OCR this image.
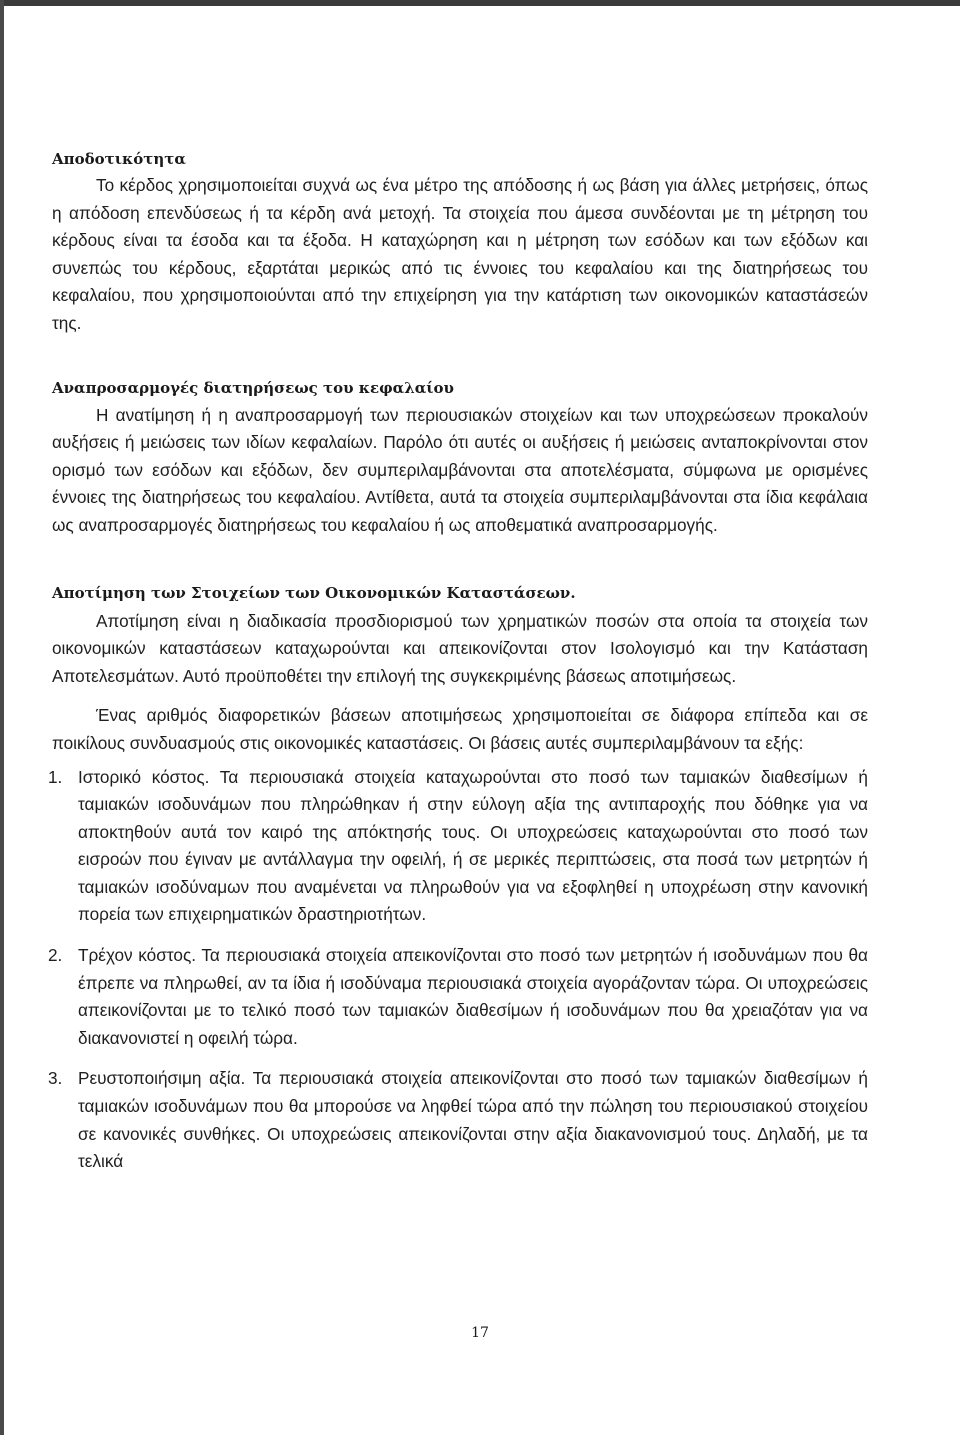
Αποδοτικότητα

Το κέρδος χρησιμοποιείται συχνά ως ένα μέτρο της απόδοσης ή ως βάση για άλλες μετρήσεις, όπως η απόδοση επενδύσεως ή τα κέρδη ανά μετοχή. Τα στοιχεία που άμεσα συνδέονται με τη μέτρηση του κέρδους είναι τα έσοδα και τα έξοδα. Η καταχώρηση και η μέτρηση των εσόδων και των εξόδων και συνεπώς του κέρδους, εξαρτάται μερικώς από τις έννοιες του κεφαλαίου και της διατηρήσεως του κεφαλαίου, που χρησιμοποιούνται από την επιχείρηση για την κατάρτιση των οικονομικών καταστάσεών της.

Αναπροσαρμογές διατηρήσεως του κεφαλαίου

Η ανατίμηση ή η αναπροσαρμογή των περιουσιακών στοιχείων και των υποχρεώσεων προκαλούν αυξήσεις ή μειώσεις των ιδίων κεφαλαίων. Παρόλο ότι αυτές οι αυξήσεις ή μειώσεις ανταποκρίνονται στον ορισμό των εσόδων και εξόδων, δεν συμπεριλαμβάνονται στα αποτελέσματα, σύμφωνα με ορισμένες έννοιες της διατηρήσεως του κεφαλαίου. Αντίθετα, αυτά τα στοιχεία συμπεριλαμβάνονται στα ίδια κεφάλαια ως αναπροσαρμογές διατηρήσεως του κεφαλαίου ή ως αποθεματικά αναπροσαρμογής.

Αποτίμηση των Στοιχείων των Οικονομικών Καταστάσεων.

Αποτίμηση είναι η διαδικασία προσδιορισμού των χρηματικών ποσών στα οποία τα στοιχεία των οικονομικών καταστάσεων καταχωρούνται και απεικονίζονται στον Ισολογισμό και την Κατάσταση Αποτελεσμάτων. Αυτό προϋποθέτει την επιλογή της συγκεκριμένης βάσεως αποτιμήσεως.

Ένας αριθμός διαφορετικών βάσεων αποτιμήσεως χρησιμοποιείται σε διάφορα επίπεδα και σε ποικίλους συνδυασμούς στις οικονομικές καταστάσεις. Οι βάσεις αυτές συμπεριλαμβάνουν τα εξής:

1. Ιστορικό κόστος. Τα περιουσιακά στοιχεία καταχωρούνται στο ποσό των ταμιακών διαθεσίμων ή ταμιακών ισοδυνάμων που πληρώθηκαν ή στην εύλογη αξία της αντιπαροχής που δόθηκε για να αποκτηθούν αυτά τον καιρό της απόκτησής τους. Οι υποχρεώσεις καταχωρούνται στο ποσό των εισροών που έγιναν με αντάλλαγμα την οφειλή, ή σε μερικές περιπτώσεις, στα ποσά των μετρητών ή ταμιακών ισοδύναμων που αναμένεται να πληρωθούν για να εξοφληθεί η υποχρέωση στην κανονική πορεία των επιχειρηματικών δραστηριοτήτων.
2. Τρέχον κόστος. Τα περιουσιακά στοιχεία απεικονίζονται στο ποσό των μετρητών ή ισοδυνάμων που θα έπρεπε να πληρωθεί, αν τα ίδια ή ισοδύναμα περιουσιακά στοιχεία αγοράζονταν τώρα. Οι υποχρεώσεις απεικονίζονται με το τελικό ποσό των ταμιακών διαθεσίμων ή ισοδυνάμων που θα χρειαζόταν για να διακανονιστεί η οφειλή τώρα.
3. Ρευστοποιήσιμη αξία. Τα περιουσιακά στοιχεία απεικονίζονται στο ποσό των ταμιακών διαθεσίμων ή ταμιακών ισοδυνάμων που θα μπορούσε να ληφθεί τώρα από την πώληση του περιουσιακού στοιχείου σε κανονικές συνθήκες. Οι υποχρεώσεις απεικονίζονται στην αξία διακανονισμού τους. Δηλαδή, με τα τελικά
17
